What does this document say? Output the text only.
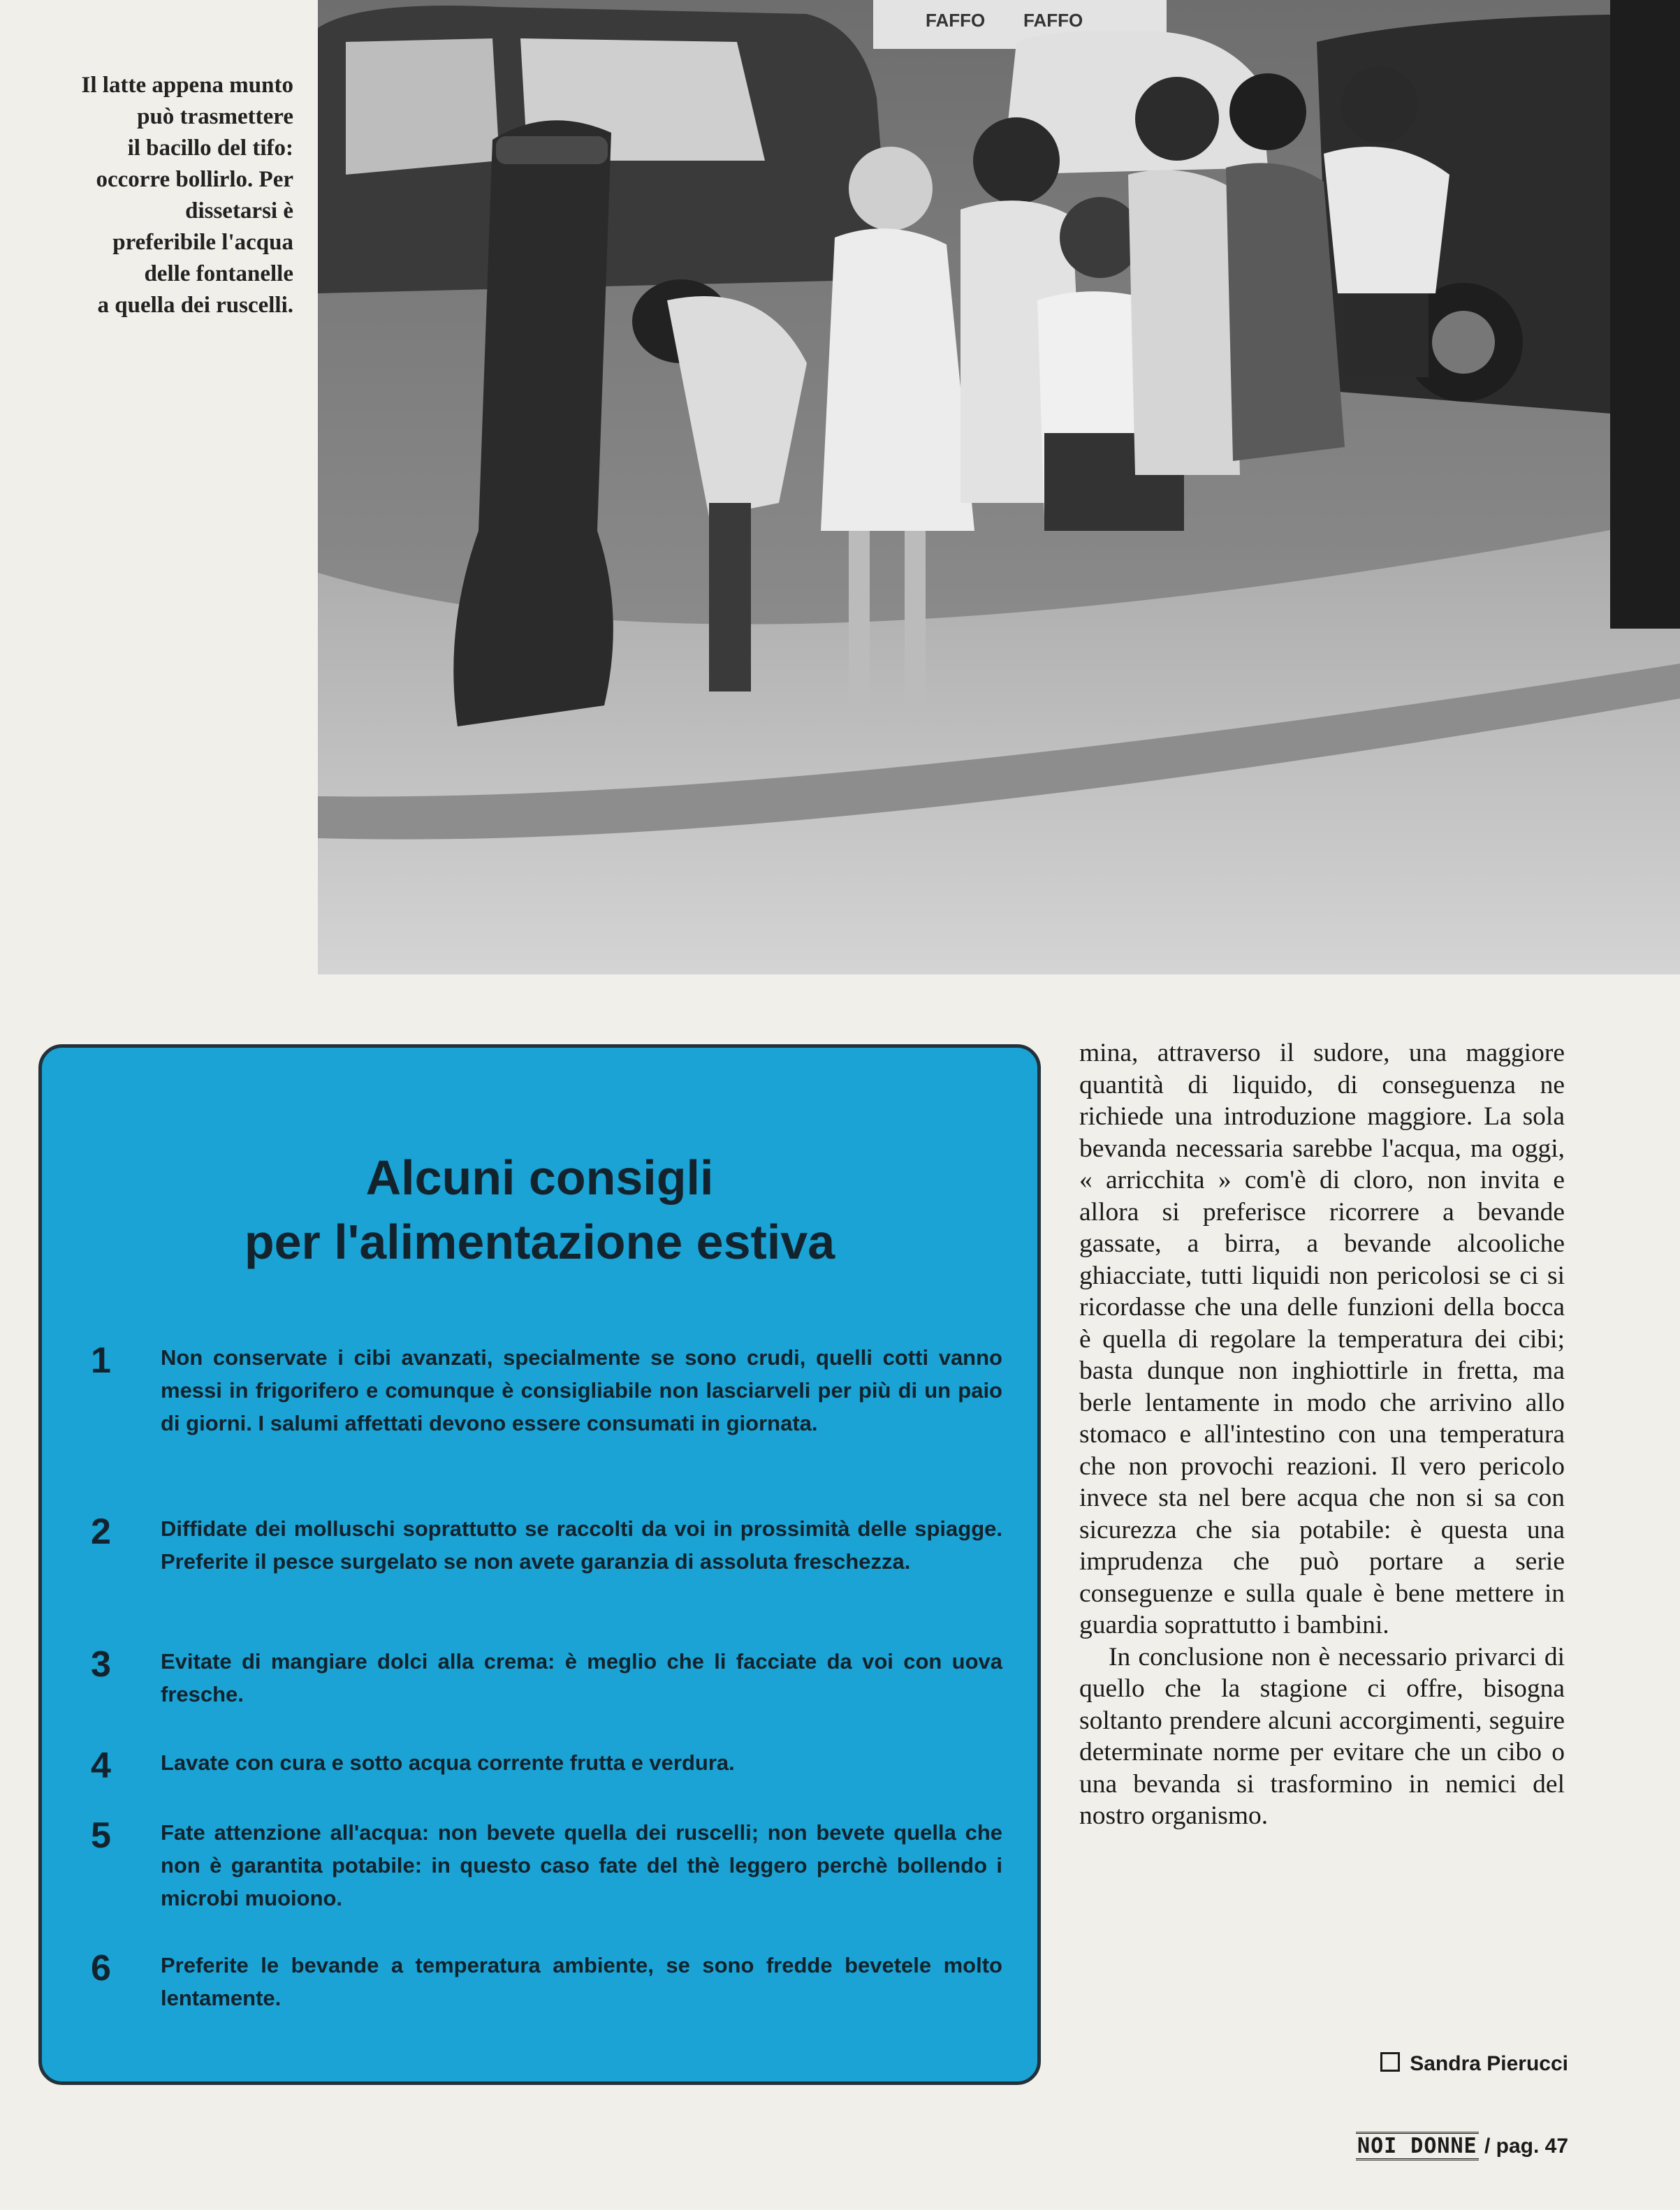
Il latte appena munto
può trasmettere
il bacillo del tifo:
occorre bollirlo. Per
dissetarsi è
preferibile l'acqua
delle fontanelle
a quella dei ruscelli.
FAFFO FAFFO
Alcuni consigli
per l'alimentazione estiva
1	Non conservate i cibi avanzati, specialmente se sono crudi, quelli cotti vanno messi in frigorifero e comunque è consigliabile non lasciarveli per più di un paio di giorni. I salumi affettati devono essere consumati in giornata.
2	Diffidate dei molluschi soprattutto se raccolti da voi in prossimità delle spiagge. Preferite il pesce surgelato se non avete garanzia di assoluta freschezza.
3	Evitate di mangiare dolci alla crema: è meglio che li facciate da voi con uova fresche.
4	Lavate con cura e sotto acqua corrente frutta e verdura.
5	Fate attenzione all'acqua: non bevete quella dei ruscelli; non bevete quella che non è garantita potabile: in questo caso fate del thè leggero perchè bollendo i microbi muoiono.
6	Preferite le bevande a temperatura ambiente, se sono fredde bevetele molto lentamente.

mina, attraverso il sudore, una maggiore quantità di liquido, di conseguenza ne richiede una introduzione maggiore. La sola bevanda necessaria sarebbe l'acqua, ma oggi, « arricchita » com'è di cloro, non invita e allora si preferisce ricorrere a bevande gassate, a birra, a bevande alcooliche ghiacciate, tutti liquidi non pericolosi se ci si ricordasse che una delle funzioni della bocca è quella di regolare la temperatura dei cibi; basta dunque non inghiottirle in fretta, ma berle lentamente in modo che arrivino allo stomaco e all'intestino con una temperatura che non provochi reazioni. Il vero pericolo invece sta nel bere acqua che non si sa con sicurezza che sia potabile: è questa una imprudenza che può portare a serie conseguenze e sulla quale è bene mettere in guardia soprattutto i bambini.

In conclusione non è necessario privarci di quello che la stagione ci offre, bisogna soltanto prendere alcuni accorgimenti, seguire determinate norme per evitare che un cibo o una bevanda si trasformino in nemici del nostro organismo.

Sandra Pierucci
NOI DONNE / pag. 47
